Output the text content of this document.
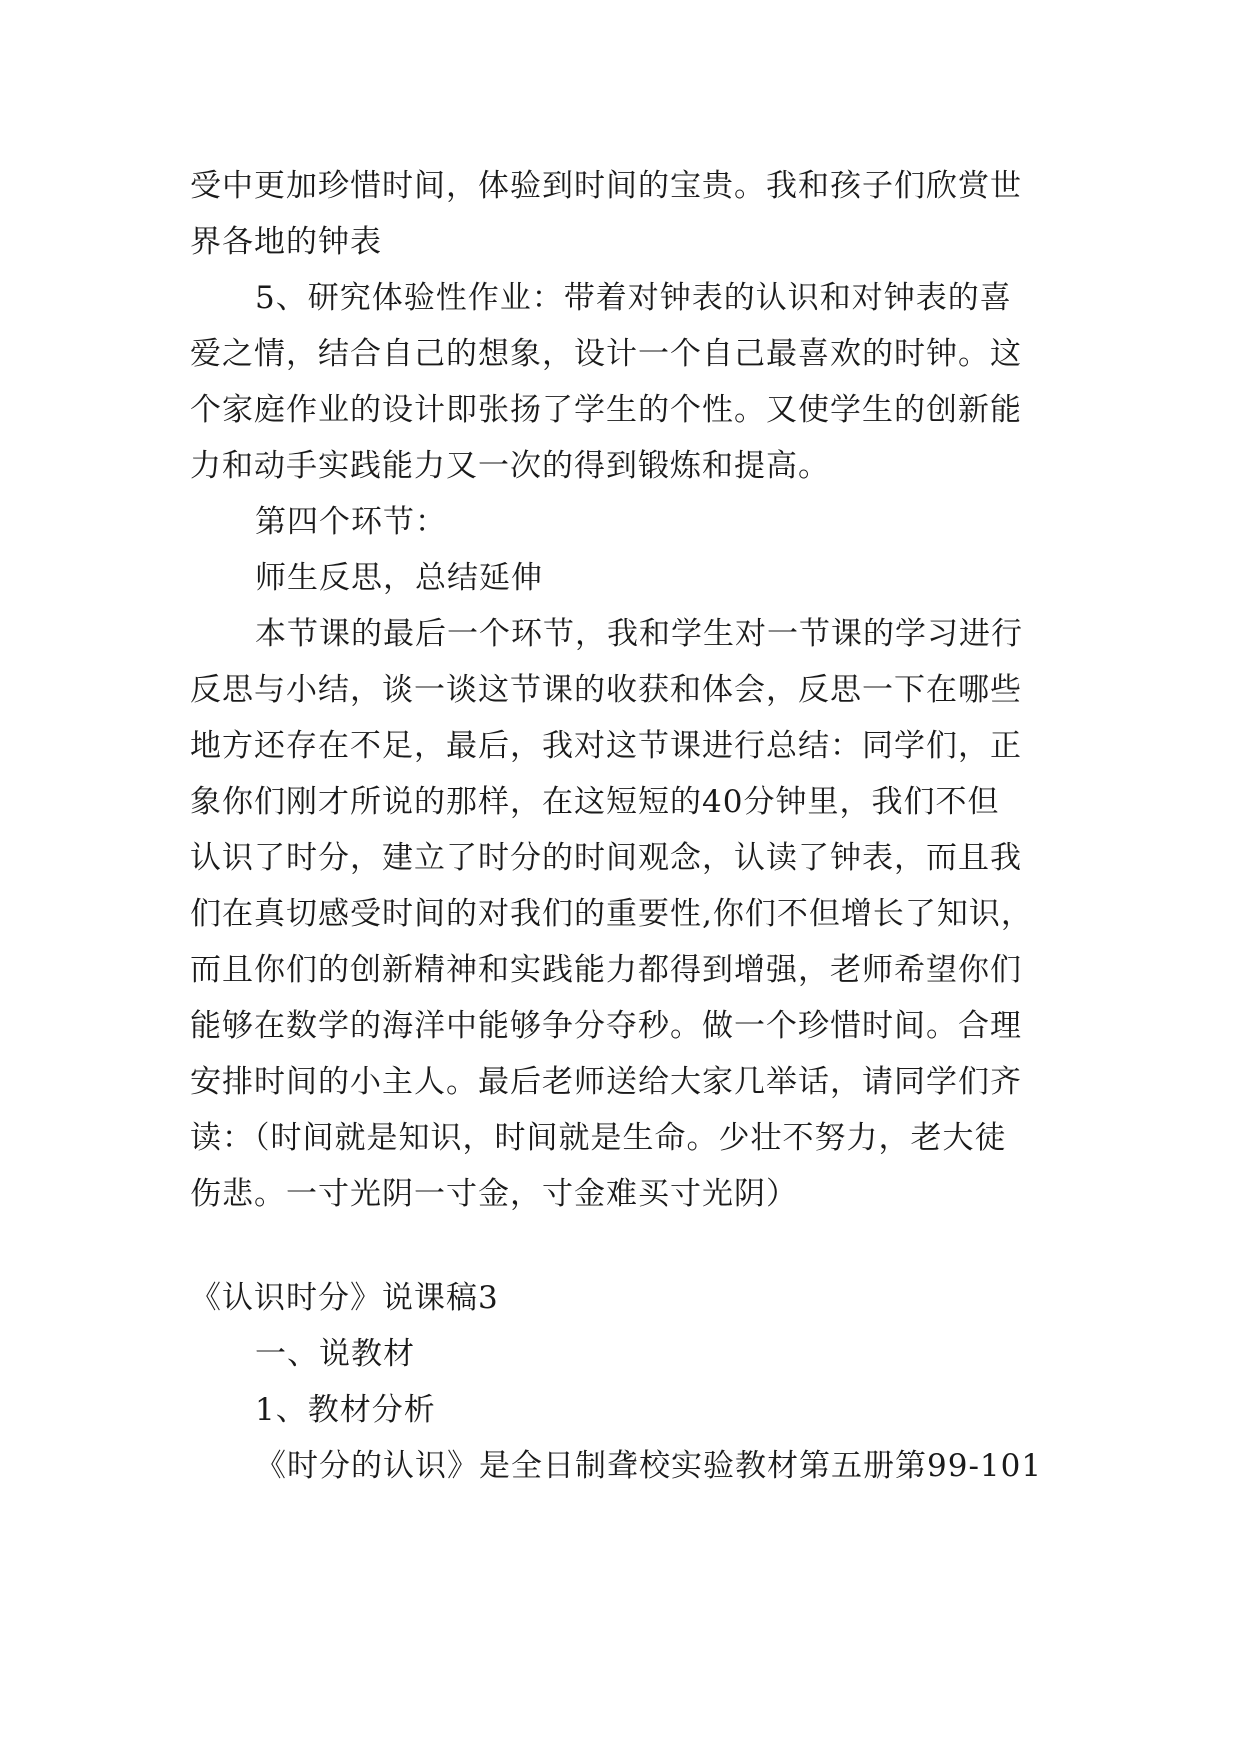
受中更加珍惜时间，体验到时间的宝贵。我和孩子们欣赏世
界各地的钟表
5、研究体验性作业：带着对钟表的认识和对钟表的喜
爱之情，结合自己的想象，设计一个自己最喜欢的时钟。这
个家庭作业的设计即张扬了学生的个性。又使学生的创新能
力和动手实践能力又一次的得到锻炼和提高。
第四个环节：
师生反思，总结延伸
本节课的最后一个环节，我和学生对一节课的学习进行
反思与小结，谈一谈这节课的收获和体会，反思一下在哪些
地方还存在不足，最后，我对这节课进行总结：同学们，正
象你们刚才所说的那样，在这短短的40分钟里，我们不但
认识了时分，建立了时分的时间观念，认读了钟表，而且我
们在真切感受时间的对我们的重要性,你们不但增长了知识，
而且你们的创新精神和实践能力都得到增强，老师希望你们
能够在数学的海洋中能够争分夺秒。做一个珍惜时间。合理
安排时间的小主人。最后老师送给大家几举话，请同学们齐
读：（时间就是知识，时间就是生命。少壮不努力，老大徒
伤悲。一寸光阴一寸金，寸金难买寸光阴）
《认识时分》说课稿3
一、说教材
1、教材分析
《时分的认识》是全日制聋校实验教材第五册第99-101
